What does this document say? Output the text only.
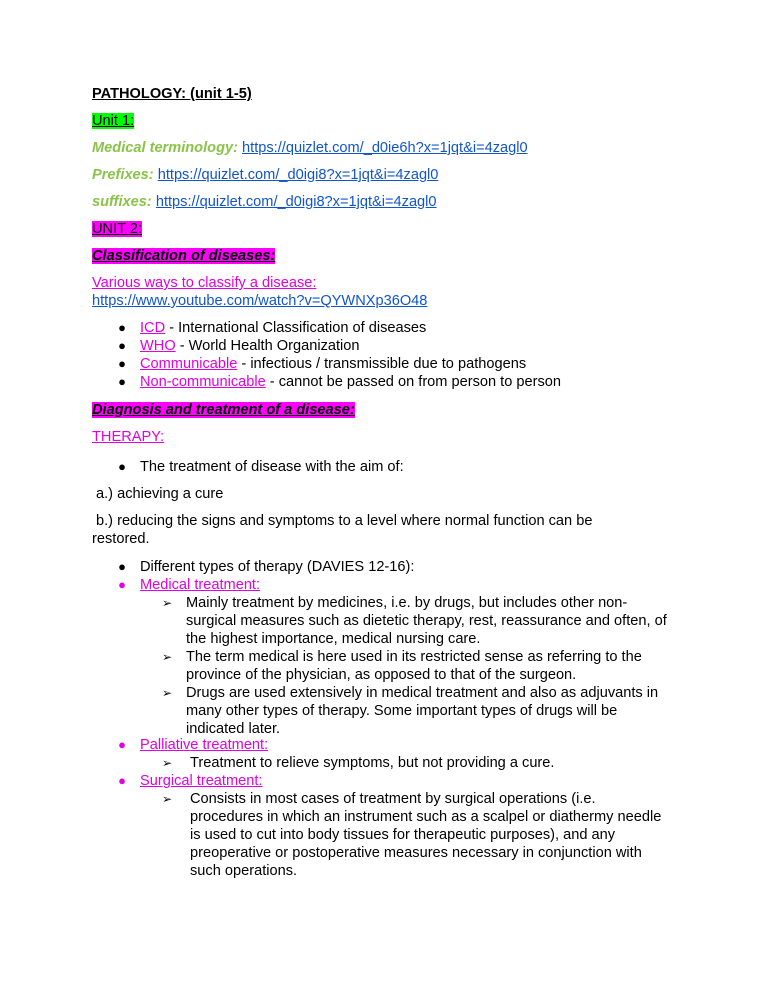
PATHOLOGY: (unit 1-5)
Unit 1:
Medical terminology: https://quizlet.com/_d0ie6h?x=1jqt&i=4zagl0
Prefixes: https://quizlet.com/_d0igi8?x=1jqt&i=4zagl0
suffixes: https://quizlet.com/_d0igi8?x=1jqt&i=4zagl0
UNIT 2:
Classification of diseases:
Various ways to classify a disease:
https://www.youtube.com/watch?v=QYWNXp36O48
● ICD - International Classification of diseases
● WHO - World Health Organization
● Communicable - infectious / transmissible due to pathogens
● Non-communicable - cannot be passed on from person to person
Diagnosis and treatment of a disease:
THERAPY:
● The treatment of disease with the aim of:
a.) achieving a cure
b.) reducing the signs and symptoms to a level where normal function can be restored.
● Different types of therapy (DAVIES 12-16):
● Medical treatment:
➢ Mainly treatment by medicines, i.e. by drugs, but includes other non-surgical measures such as dietetic therapy, rest, reassurance and often, of the highest importance, medical nursing care.
➢ The term medical is here used in its restricted sense as referring to the province of the physician, as opposed to that of the surgeon.
➢ Drugs are used extensively in medical treatment and also as adjuvants in many other types of therapy. Some important types of drugs will be indicated later.
● Palliative treatment:
➢ Treatment to relieve symptoms, but not providing a cure.
● Surgical treatment:
➢ Consists in most cases of treatment by surgical operations (i.e. procedures in which an instrument such as a scalpel or diathermy needle is used to cut into body tissues for therapeutic purposes), and any preoperative or postoperative measures necessary in conjunction with such operations.
